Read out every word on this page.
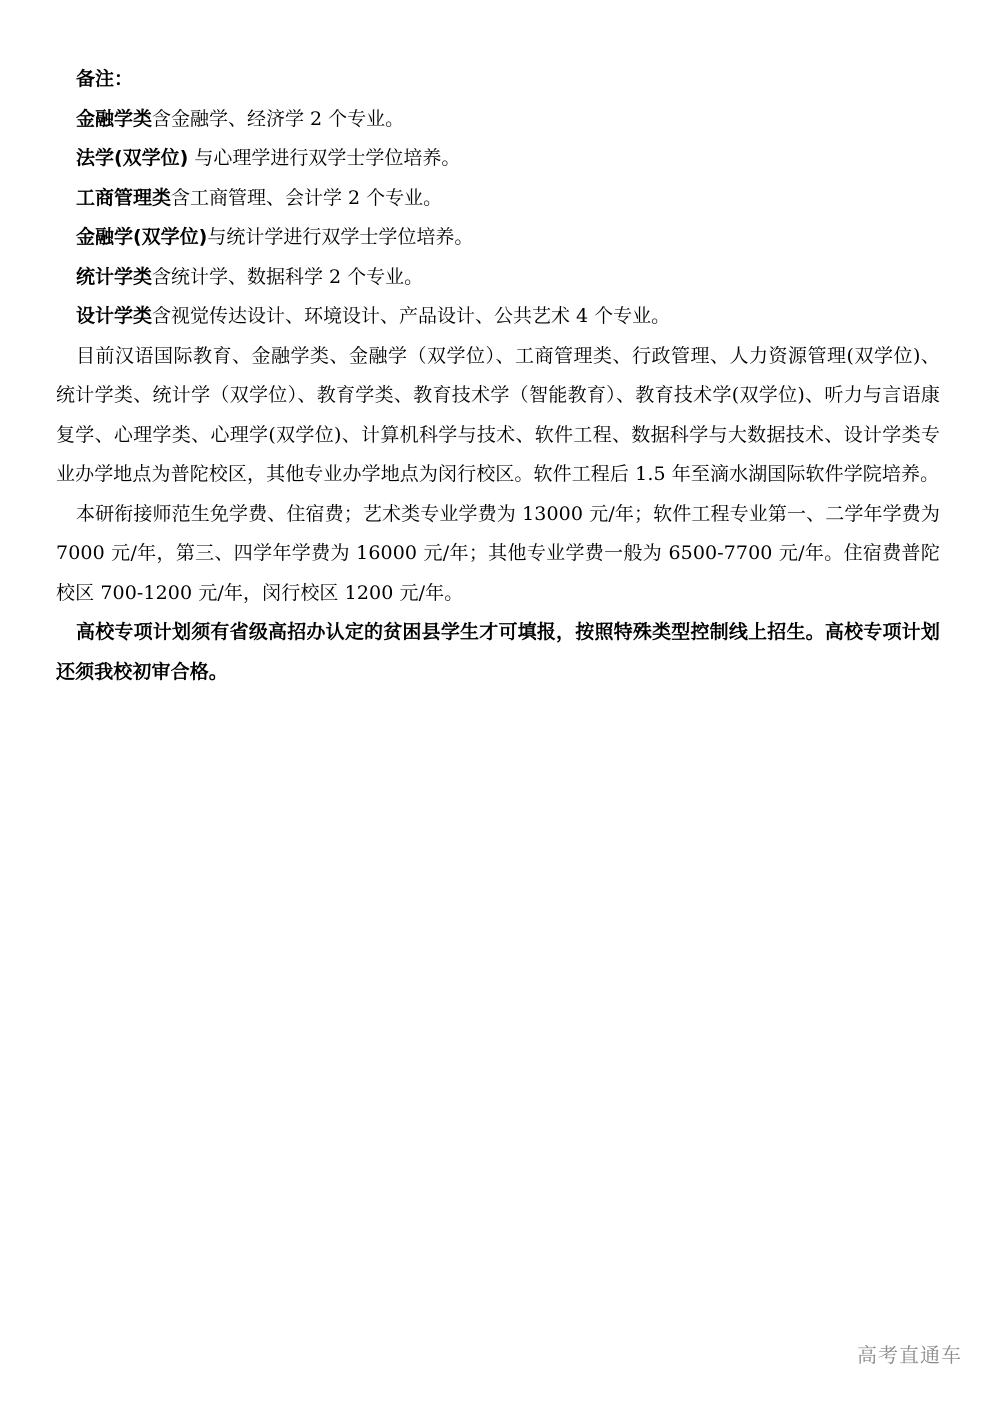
备注：
金融学类含金融学、经济学 2 个专业。
法学(双学位) 与心理学进行双学士学位培养。
工商管理类含工商管理、会计学 2 个专业。
金融学(双学位)与统计学进行双学士学位培养。
统计学类含统计学、数据科学 2 个专业。
设计学类含视觉传达设计、环境设计、产品设计、公共艺术 4 个专业。

目前汉语国际教育、金融学类、金融学（双学位）、工商管理类、行政管理、人力资源管理(双学位)、统计学类、统计学（双学位）、教育学类、教育技术学（智能教育）、教育技术学(双学位)、听力与言语康复学、心理学类、心理学(双学位)、计算机科学与技术、软件工程、数据科学与大数据技术、设计学类专业办学地点为普陀校区，其他专业办学地点为闵行校区。软件工程后 1.5 年至滴水湖国际软件学院培养。

本研衔接师范生免学费、住宿费；艺术类专业学费为 13000 元/年；软件工程专业第一、二学年学费为 7000 元/年，第三、四学年学费为 16000 元/年；其他专业学费一般为 6500-7700 元/年。住宿费普陀校区 700-1200 元/年，闵行校区 1200 元/年。

高校专项计划须有省级高招办认定的贫困县学生才可填报，按照特殊类型控制线上招生。高校专项计划还须我校初审合格。

高考直通车
